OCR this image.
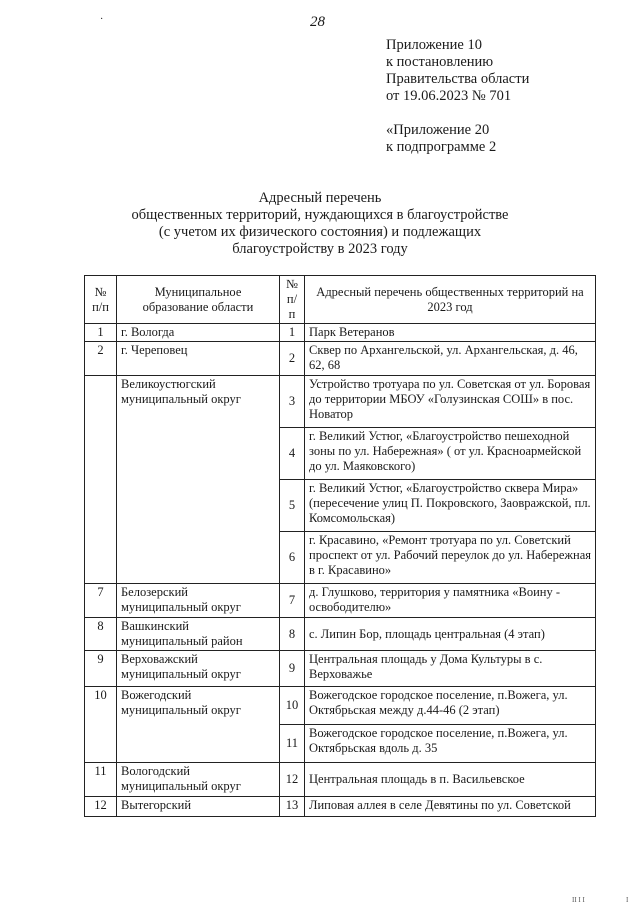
·	28
Приложение 10
к постановлению
Правительства области
от 19.06.2023 № 701
«Приложение 20
к подпрограмме 2
Адресный перечень
общественных территорий, нуждающихся в благоустройстве
(с учетом их физического состояния) и подлежащих
благоустройству в 2023 году
№ п/п	Муниципальное образование области	№ п/п	Адресный перечень общественных территорий на 2023 год
1	г. Вологда	1	Парк Ветеранов
2	г. Череповец	2	Сквер по Архангельской, ул. Архангельская, д. 46, 62, 68
	Великоустюгский муниципальный округ	3	Устройство тротуара по ул. Советская от ул. Боровая до территории МБОУ «Голузинская СОШ» в пос. Новатор
		4	г. Великий Устюг, «Благоустройство пешеходной зоны по ул. Набережная» ( от ул. Красноармейской до ул. Маяковского)
		5	г. Великий Устюг, «Благоустройство сквера Мира» (пересечение улиц П. Покровского, Заовражской, пл. Комсомольская)
		6	г. Красавино, «Ремонт тротуара по ул. Советский проспект от ул. Рабочий переулок до ул. Набережная в г. Красавино»
7	Белозерский муниципальный округ	7	д. Глушково, территория у памятника «Воину - освободителю»
8	Вашкинский муниципальный район	8	с. Липин Бор, площадь центральная (4 этап)
9	Верховажский муниципальный округ	9	Центральная площадь у Дома Культуры в с. Верховажье
10	Вожегодский муниципальный округ	10	Вожегодское городское поселение, п.Вожега, ул. Октябрьская между д.44-46 (2 этап)
		11	Вожегодское городское поселение, п.Вожега, ул. Октябрьская вдоль д. 35
11	Вологодский муниципальный округ	12	Центральная площадь в п. Васильевское
12	Вытегорский	13	Липовая аллея в селе Девятины по ул. Советской
II I I	I
